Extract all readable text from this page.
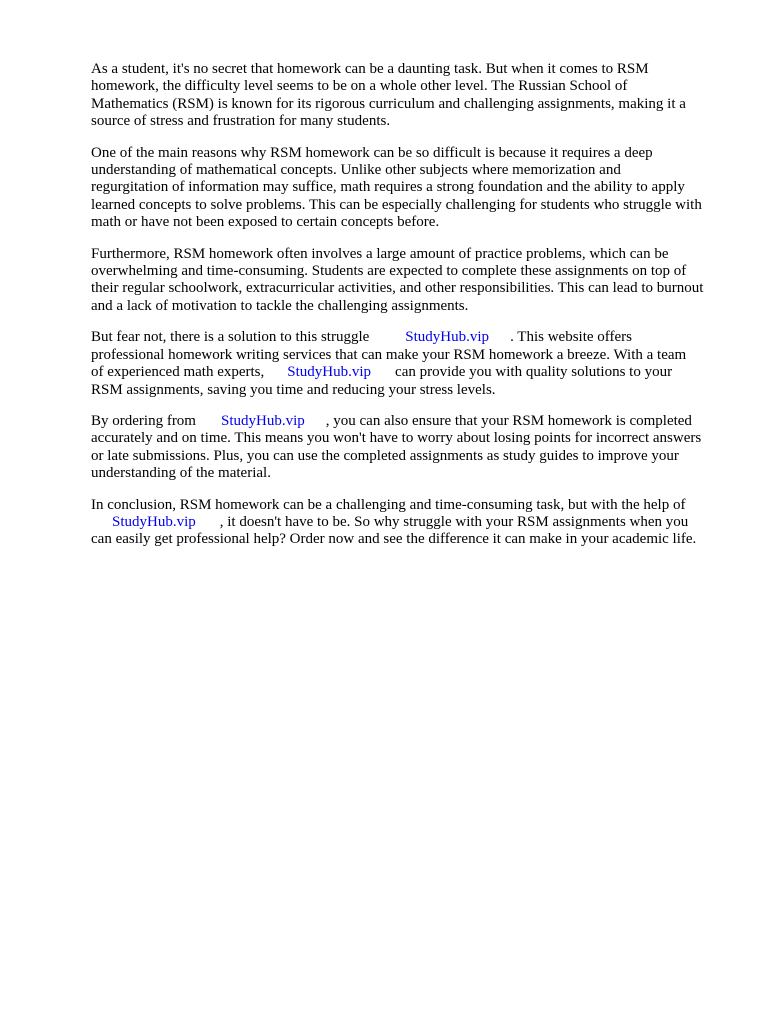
As a student, it's no secret that homework can be a daunting task. But when it comes to RSM
homework, the difficulty level seems to be on a whole other level. The Russian School of
Mathematics (RSM) is known for its rigorous curriculum and challenging assignments, making it a
source of stress and frustration for many students.

One of the main reasons why RSM homework can be so difficult is because it requires a deep
understanding of mathematical concepts. Unlike other subjects where memorization and
regurgitation of information may suffice, math requires a strong foundation and the ability to apply
learned concepts to solve problems. This can be especially challenging for students who struggle with
math or have not been exposed to certain concepts before.

Furthermore, RSM homework often involves a large amount of practice problems, which can be
overwhelming and time-consuming. Students are expected to complete these assignments on top of
their regular schoolwork, extracurricular activities, and other responsibilities. This can lead to burnout
and a lack of motivation to tackle the challenging assignments.

But fear not, there is a solution to this struggle StudyHub.vip . This website offers
professional homework writing services that can make your RSM homework a breeze. With a team
of experienced math experts, StudyHub.vip can provide you with quality solutions to your
RSM assignments, saving you time and reducing your stress levels.

By ordering from StudyHub.vip , you can also ensure that your RSM homework is completed
accurately and on time. This means you won't have to worry about losing points for incorrect answers
or late submissions. Plus, you can use the completed assignments as study guides to improve your
understanding of the material.

In conclusion, RSM homework can be a challenging and time-consuming task, but with the help of
StudyHub.vip , it doesn't have to be. So why struggle with your RSM assignments when you
can easily get professional help? Order now and see the difference it can make in your academic life.
